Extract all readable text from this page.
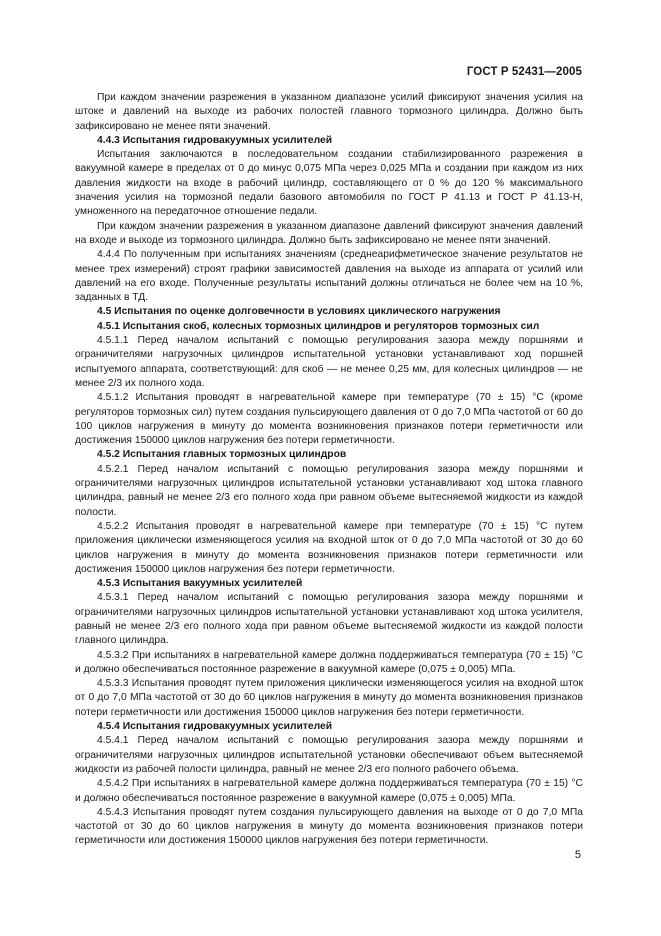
ГОСТ Р 52431—2005

При каждом значении разрежения в указанном диапазоне усилий фиксируют значения усилия на штоке и давлений на выходе из рабочих полостей главного тормозного цилиндра. Должно быть зафиксировано не менее пяти значений.

4.4.3 Испытания гидровакуумных усилителей

Испытания заключаются в последовательном создании стабилизированного разрежения в вакуумной камере в пределах от 0 до минус 0,075 МПа через 0,025 МПа и создании при каждом из них давления жидкости на входе в рабочий цилиндр, составляющего от 0 % до 120 % максимального значения усилия на тормозной педали базового автомобиля по ГОСТ Р 41.13 и ГОСТ Р 41.13-Н, умноженного на передаточное отношение педали.

При каждом значении разрежения в указанном диапазоне давлений фиксируют значения давлений на входе и выходе из тормозного цилиндра. Должно быть зафиксировано не менее пяти значений.

4.4.4 По полученным при испытаниях значениям (среднеарифметическое значение результатов не менее трех измерений) строят графики зависимостей давления на выходе из аппарата от усилий или давлений на его входе. Полученные результаты испытаний должны отличаться не более чем на 10 %, заданных в ТД.

4.5 Испытания по оценке долговечности в условиях циклического нагружения

4.5.1 Испытания скоб, колесных тормозных цилиндров и регуляторов тормозных сил

4.5.1.1 Перед началом испытаний с помощью регулирования зазора между поршнями и ограничителями нагрузочных цилиндров испытательной установки устанавливают ход поршней испытуемого аппарата, соответствующий: для скоб — не менее 0,25 мм, для колесных цилиндров — не менее 2/3 их полного хода.

4.5.1.2 Испытания проводят в нагревательной камере при температуре (70 ± 15) °С (кроме регуляторов тормозных сил) путем создания пульсирующего давления от 0 до 7,0 МПа частотой от 60 до 100 циклов нагружения в минуту до момента возникновения признаков потери герметичности или достижения 150000 циклов нагружения без потери герметичности.

4.5.2 Испытания главных тормозных цилиндров

4.5.2.1 Перед началом испытаний с помощью регулирования зазора между поршнями и ограничителями нагрузочных цилиндров испытательной установки устанавливают ход штока главного цилиндра, равный не менее 2/3 его полного хода при равном объеме вытесняемой жидкости из каждой полости.

4.5.2.2 Испытания проводят в нагревательной камере при температуре (70 ± 15) °С путем приложения циклически изменяющегося усилия на входной шток от 0 до 7,0 МПа частотой от 30 до 60 циклов нагружения в минуту до момента возникновения признаков потери герметичности или достижения 150000 циклов нагружения без потери герметичности.

4.5.3 Испытания вакуумных усилителей

4.5.3.1 Перед началом испытаний с помощью регулирования зазора между поршнями и ограничителями нагрузочных цилиндров испытательной установки устанавливают ход штока усилителя, равный не менее 2/3 его полного хода при равном объеме вытесняемой жидкости из каждой полости главного цилиндра.

4.5.3.2 При испытаниях в нагревательной камере должна поддерживаться температура (70 ± 15) °С и должно обеспечиваться постоянное разрежение в вакуумной камере (0,075 ± 0,005) МПа.

4.5.3.3 Испытания проводят путем приложения циклически изменяющегося усилия на входной шток от 0 до 7,0 МПа частотой от 30 до 60 циклов нагружения в минуту до момента возникновения признаков потери герметичности или достижения 150000 циклов нагружения без потери герметичности.

4.5.4 Испытания гидровакуумных усилителей

4.5.4.1 Перед началом испытаний с помощью регулирования зазора между поршнями и ограничителями нагрузочных цилиндров испытательной установки обеспечивают объем вытесняемой жидкости из рабочей полости цилиндра, равный не менее 2/3 его полного рабочего объема.

4.5.4.2 При испытаниях в нагревательной камере должна поддерживаться температура (70 ± 15) °С и должно обеспечиваться постоянное разрежение в вакуумной камере (0,075 ± 0,005) МПа.

4.5.4.3 Испытания проводят путем создания пульсирующего давления на выходе от 0 до 7,0 МПа частотой от 30 до 60 циклов нагружения в минуту до момента возникновения признаков потери герметичности или достижения 150000 циклов нагружения без потери герметичности.

5
